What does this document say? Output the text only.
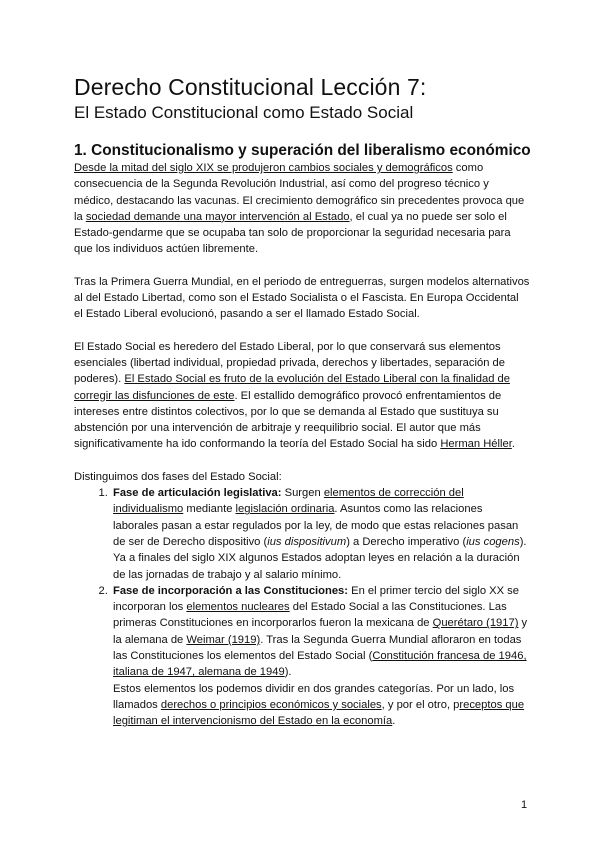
Derecho Constitucional Lección 7:
El Estado Constitucional como Estado Social
1. Constitucionalismo y superación del liberalismo económico

Desde la mitad del siglo XIX se produjeron cambios sociales y demográficos como consecuencia de la Segunda Revolución Industrial, así como del progreso técnico y médico, destacando las vacunas. El crecimiento demográfico sin precedentes provoca que la sociedad demande una mayor intervención al Estado, el cual ya no puede ser solo el Estado-gendarme que se ocupaba tan solo de proporcionar la seguridad necesaria para que los individuos actúen libremente.

Tras la Primera Guerra Mundial, en el periodo de entreguerras, surgen modelos alternativos al del Estado Libertad, como son el Estado Socialista o el Fascista. En Europa Occidental el Estado Liberal evolucionó, pasando a ser el llamado Estado Social.

El Estado Social es heredero del Estado Liberal, por lo que conservará sus elementos esenciales (libertad individual, propiedad privada, derechos y libertades, separación de poderes). El Estado Social es fruto de la evolución del Estado Liberal con la finalidad de corregir las disfunciones de este. El estallido demográfico provocó enfrentamientos de intereses entre distintos colectivos, por lo que se demanda al Estado que sustituya su abstención por una intervención de arbitraje y reequilibrio social. El autor que más significativamente ha ido conformando la teoría del Estado Social ha sido Herman Héller.

Distinguimos dos fases del Estado Social:
1. Fase de articulación legislativa: Surgen elementos de corrección del individualismo mediante legislación ordinaria. Asuntos como las relaciones laborales pasan a estar regulados por la ley, de modo que estas relaciones pasan de ser de Derecho dispositivo (ius dispositivum) a Derecho imperativo (ius cogens). Ya a finales del siglo XIX algunos Estados adoptan leyes en relación a la duración de las jornadas de trabajo y al salario mínimo.
2. Fase de incorporación a las Constituciones: En el primer tercio del siglo XX se incorporan los elementos nucleares del Estado Social a las Constituciones. Las primeras Constituciones en incorporarlos fueron la mexicana de Querétaro (1917) y la alemana de Weimar (1919). Tras la Segunda Guerra Mundial afloraron en todas las Constituciones los elementos del Estado Social (Constitución francesa de 1946, italiana de 1947, alemana de 1949).
Estos elementos los podemos dividir en dos grandes categorías. Por un lado, los llamados derechos o principios económicos y sociales, y por el otro, preceptos que legitiman el intervencionismo del Estado en la economía.
1
